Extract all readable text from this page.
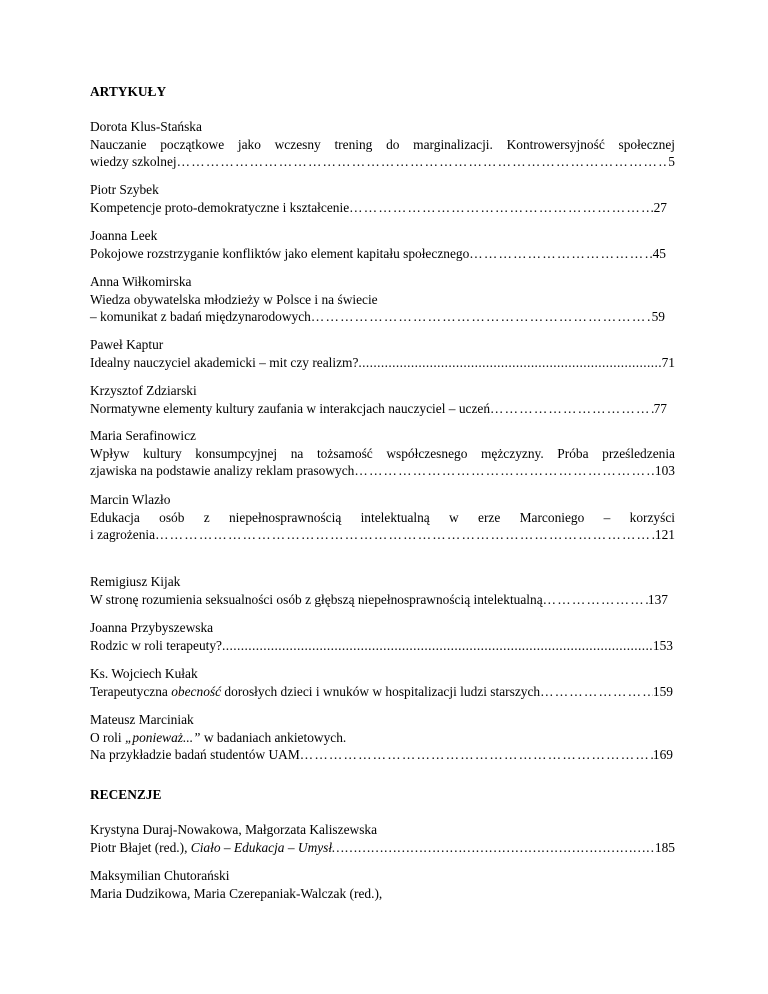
ARTYKUŁY
Dorota Klus-Stańska
Nauczanie początkowe jako wczesny trening do marginalizacji. Kontrowersyjność społecznej
wiedzy szkolnej …………………………………………………………………………………………………………………………………………………………………………	5
Piotr Szybek
Kompetencje proto-demokratyczne i kształcenie …………………………………………………………………………………………………………………………………………………………………………	27
Joanna Leek
Pokojowe rozstrzyganie konfliktów jako element kapitału społecznego …………………………………………………………………………………………………………………………………………………………………………	45
Anna Wiłkomirska
Wiedza obywatelska młodzieży w Polsce i na świecie
– komunikat z badań międzynarodowych …………………………………………………………………………………………………………………………………………………………………………	59
Paweł Kaptur
Idealny nauczyciel akademicki – mit czy realizm? .....	71
Krzysztof Zdziarski
Normatywne elementy kultury zaufania w interakcjach nauczyciel – uczeń …………………………………………………………………………………………………………………………………………………………………………	77
Maria Serafinowicz
Wpływ kultury konsumpcyjnej na tożsamość współczesnego mężczyzny. Próba prześledzenia
zjawiska na podstawie analizy reklam prasowych …………………………………………………………………………………………………………………………………………………………………………	103
Marcin Wlazło
Edukacja osób z niepełnosprawnością intelektualną w erze Marconiego – korzyści
i zagrożenia …………………………………………………………………………………………………………………………………………………………………………	121
Remigiusz Kijak
W stronę rozumienia seksualności osób z głębszą niepełnosprawnością intelektualną …………………………………………………………………………………………………………………………………………………………………………	137
Joanna Przybyszewska
Rodzic w roli terapeuty? .....	153
Ks. Wojciech Kułak
Terapeutyczna obecność dorosłych dzieci i wnuków w hospitalizacji ludzi starszych …………………………………………………………………………………………………………………………………………………………………………	159
Mateusz Marciniak
O roli „ponieważ...” w badaniach ankietowych.
Na przykładzie badań studentów UAM …………………………………………………………………………………………………………………………………………………………………………	169
RECENZJE
Krystyna Duraj-Nowakowa, Małgorzata Kaliszewska
Piotr Błajet (red.), Ciało – Edukacja – Umysł …………………………………………………………………………………………………………………………………………………………………………	185
Maksymilian Chutorański
Maria Dudzikowa, Maria Czerepaniak-Walczak (red.),
